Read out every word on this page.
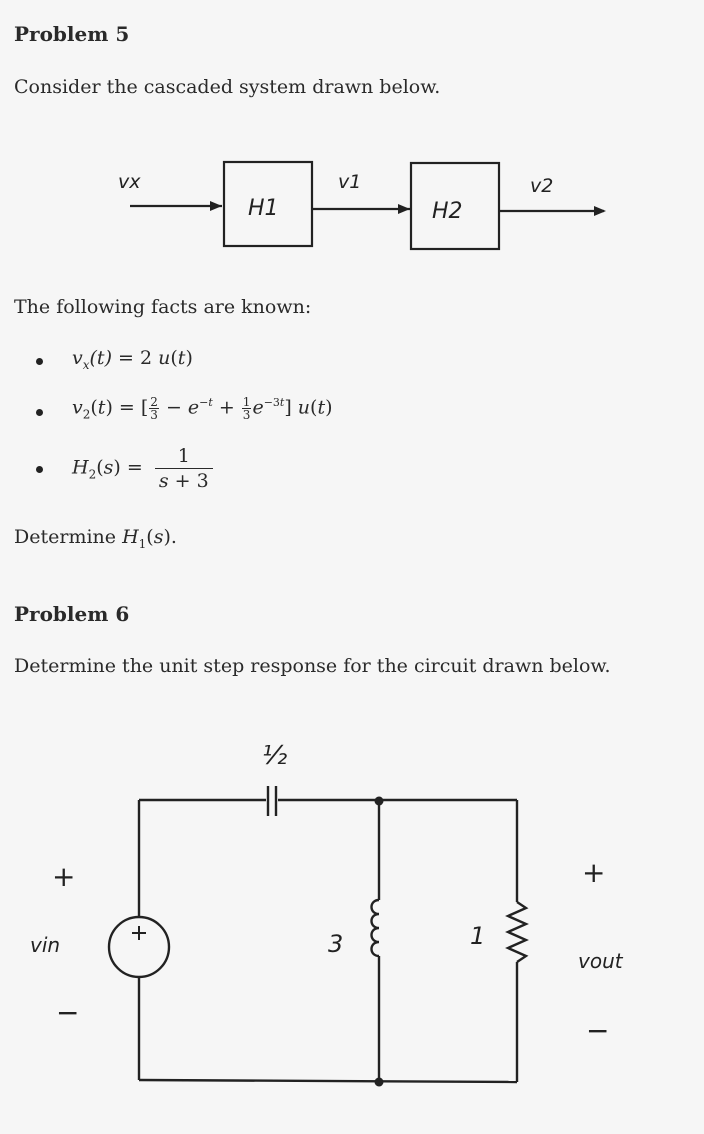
Problem 5
Consider the cascaded system drawn below.
vx
H1
v1
H2
v2
The following facts are known:
$v_x(t) = 2$ u(t)
$v_2(t)$ = [ $\frac{2}{3} - e^{-t} + \frac{1}{3} e^{-3t}$] u(t)
$H_2(s) = \frac{1}{s + 3}$
Determine $H_1(s)$.
Problem 6
Determine the unit step response for the circuit drawn below.
½
3	1
+
vin
−
+
vout
−
